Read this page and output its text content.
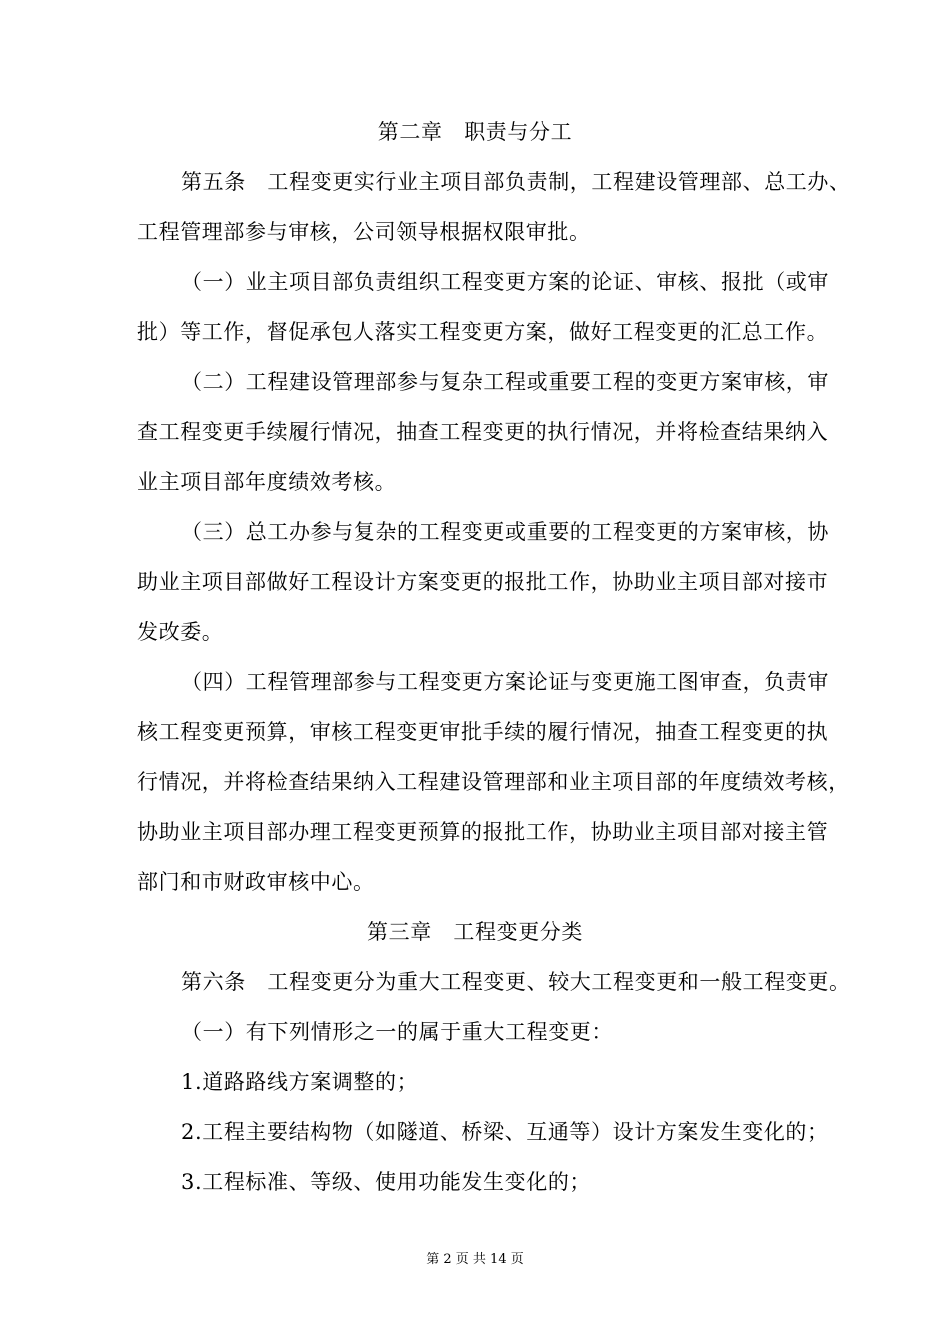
第二章　职责与分工
第五条　工程变更实行业主项目部负责制，工程建设管理部、总工办、
工程管理部参与审核，公司领导根据权限审批。
（一）业主项目部负责组织工程变更方案的论证、审核、报批（或审
批）等工作，督促承包人落实工程变更方案，做好工程变更的汇总工作。
（二）工程建设管理部参与复杂工程或重要工程的变更方案审核，审
查工程变更手续履行情况，抽查工程变更的执行情况，并将检查结果纳入
业主项目部年度绩效考核。
（三）总工办参与复杂的工程变更或重要的工程变更的方案审核，协
助业主项目部做好工程设计方案变更的报批工作，协助业主项目部对接市
发改委。
（四）工程管理部参与工程变更方案论证与变更施工图审查，负责审
核工程变更预算，审核工程变更审批手续的履行情况，抽查工程变更的执
行情况，并将检查结果纳入工程建设管理部和业主项目部的年度绩效考核，
协助业主项目部办理工程变更预算的报批工作，协助业主项目部对接主管
部门和市财政审核中心。
第三章　工程变更分类
第六条　工程变更分为重大工程变更、较大工程变更和一般工程变更。
（一）有下列情形之一的属于重大工程变更：
1.道路路线方案调整的；
2.工程主要结构物（如隧道、桥梁、互通等）设计方案发生变化的；
3.工程标准、等级、使用功能发生变化的；
第 2 页 共 14 页
